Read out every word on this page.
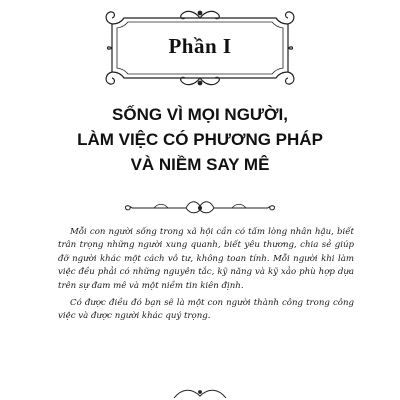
Phần I
SỐNG VÌ MỌI NGƯỜI,
LÀM VIỆC CÓ PHƯƠNG PHÁP
VÀ NIỀM SAY MÊ

Mỗi con người sống trong xã hội cần có tấm lòng nhân hậu, biết trân trọng những người xung quanh, biết yêu thương, chia sẻ giúp đỡ người khác một cách vô tư, không toan tính. Mỗi người khi làm việc đều phải có những nguyên tắc, kỹ năng và kỹ xảo phù hợp dựa trên sự đam mê và một niềm tin kiên định.

Có được điều đó bạn sẽ là một con người thành công trong công việc và được người khác quý trọng.
